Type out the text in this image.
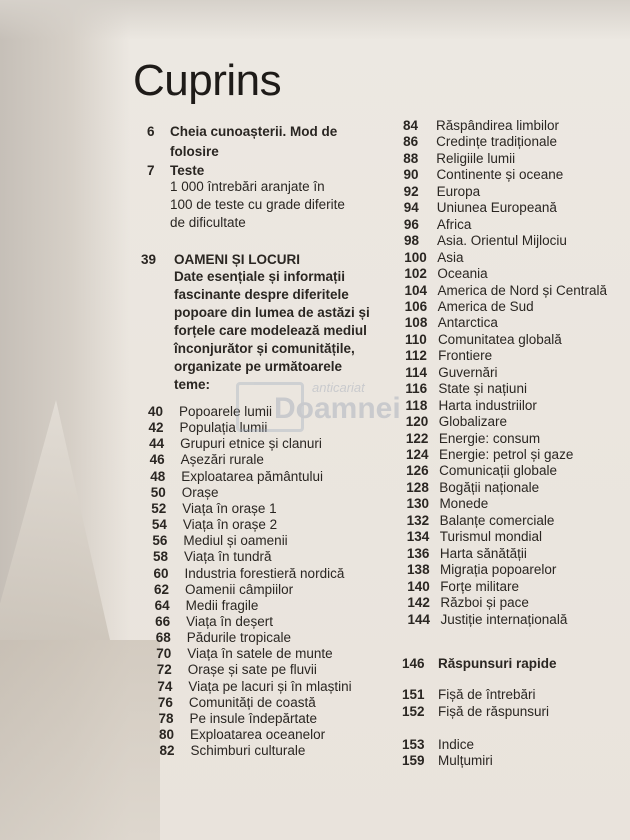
Cuprins
6 Cheia cunoașterii. Mod de
folosire
7 Teste
1 000 întrebări aranjate în
100 de teste cu grade diferite
de dificultate
39 OAMENI ȘI LOCURI
Date esențiale și informații
fascinante despre diferitele
popoare din lumea de astăzi și
forțele care modelează mediul
înconjurător și comunitățile,
organizate pe următoarele
teme:
40 Popoarele lumii
42 Populația lumii
44 Grupuri etnice și clanuri
46 Așezări rurale
48 Exploatarea pământului
50 Orașe
52 Viața în orașe 1
54 Viața în orașe 2
56 Mediul și oamenii
58 Viața în tundră
60 Industria forestieră nordică
62 Oamenii câmpiilor
64 Medii fragile
66 Viața în deșert
68 Pădurile tropicale
70 Viața în satele de munte
72 Orașe și sate pe fluvii
74 Viața pe lacuri și în mlaștini
76 Comunități de coastă
78 Pe insule îndepărtate
80 Exploatarea oceanelor
82 Schimburi culturale
84 Răspândirea limbilor
86 Credințe tradiționale
88 Religiile lumii
90 Continente și oceane
92 Europa
94 Uniunea Europeană
96 Africa
98 Asia. Orientul Mijlociu
100 Asia
102 Oceania
104 America de Nord și Centrală
106 America de Sud
108 Antarctica
110 Comunitatea globală
112 Frontiere
114 Guvernări
116 State și națiuni
118 Harta industriilor
120 Globalizare
122 Energie: consum
124 Energie: petrol și gaze
126 Comunicații globale
128 Bogății naționale
130 Monede
132 Balanțe comerciale
134 Turismul mondial
136 Harta sănătății
138 Migrația popoarelor
140 Forțe militare
142 Război și pace
144 Justiție internațională
146 Răspunsuri rapide
151 Fișă de întrebări
152 Fișă de răspunsuri
153 Indice
159 Mulțumiri
anticariat
Doamnei
